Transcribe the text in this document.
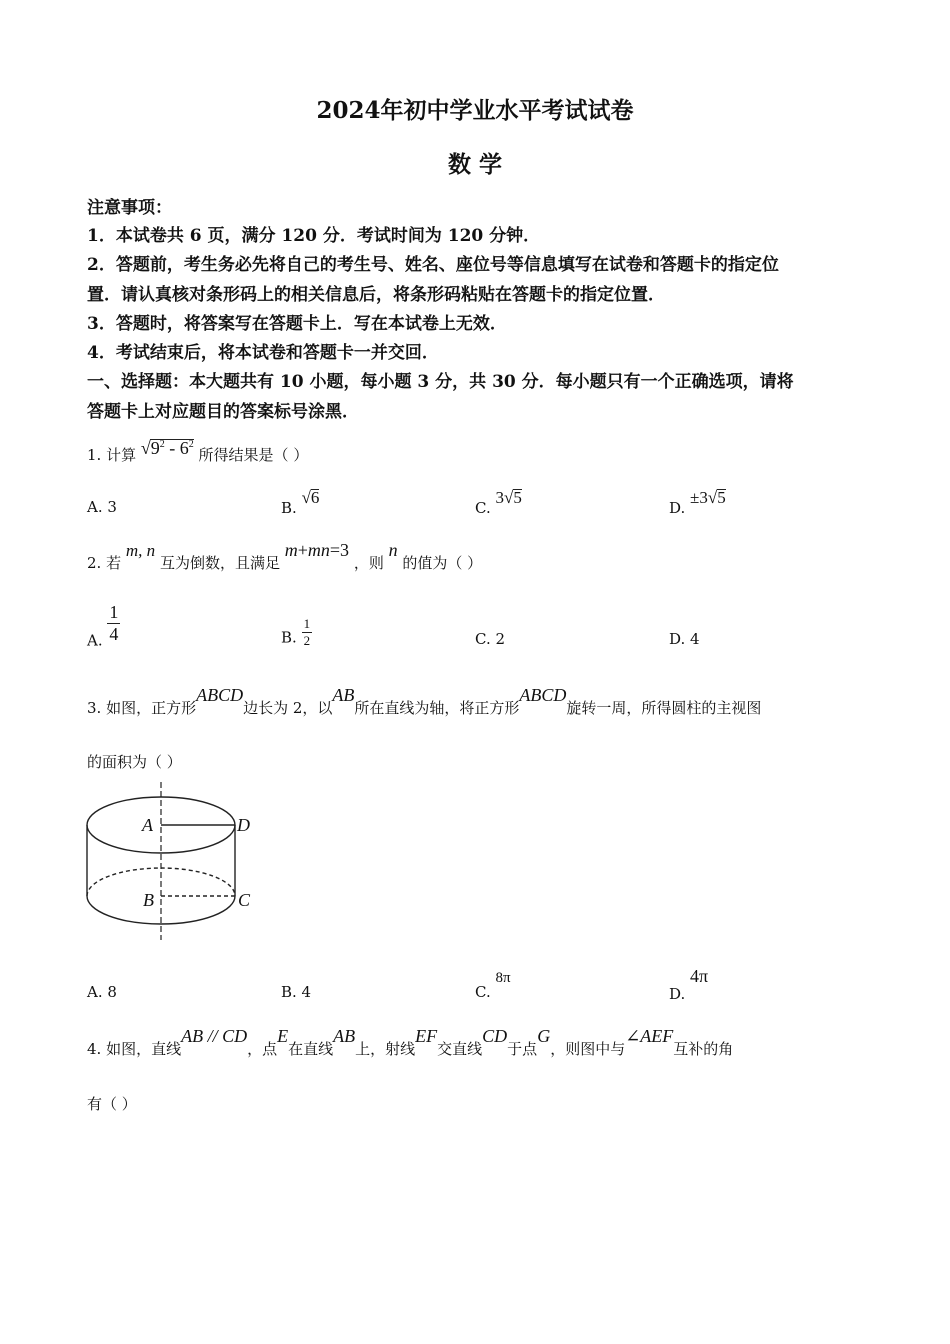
2024年初中学业水平考试试卷
数 学
注意事项：
1．本试卷共 6 页，满分 120 分．考试时间为 120 分钟．
2．答题前，考生务必先将自己的考生号、姓名、座位号等信息填写在试卷和答题卡的指定位
置．请认真核对条形码上的相关信息后，将条形码粘贴在答题卡的指定位置．
3．答题时，将答案写在答题卡上．写在本试卷上无效．
4．考试结束后，将本试卷和答题卡一并交回．
一、选择题：本大题共有 10 小题，每小题 3 分，共 30 分．每小题只有一个正确选项，请将
答题卡上对应题目的答案标号涂黑．
1. 计算 √
$9^2 - 6^2$ 所得结果是（ ）
A. 3	B. √
6
C. 3√
5
D. ±3√
5
2. 若 m, n 互为倒数，且满足 m+mn=3 ，则 n 的值为（ ）
A. $\frac{1}{4}$	B. $\frac{1}{2}$	C. 2	D. 4
3. 如图，正方形ABCD边长为 2，以AB所在直线为轴，将正方形ABCD旋转一周，所得圆柱的主视图
的面积为（ ）
A	D
B	C
A. 8	B. 4	C. 8π
D. 4π
4. 如图，直线AB // CD，点E在直线AB上，射线EF交直线CD于点G，则图中与∠AEF互补的角
有（ ）
